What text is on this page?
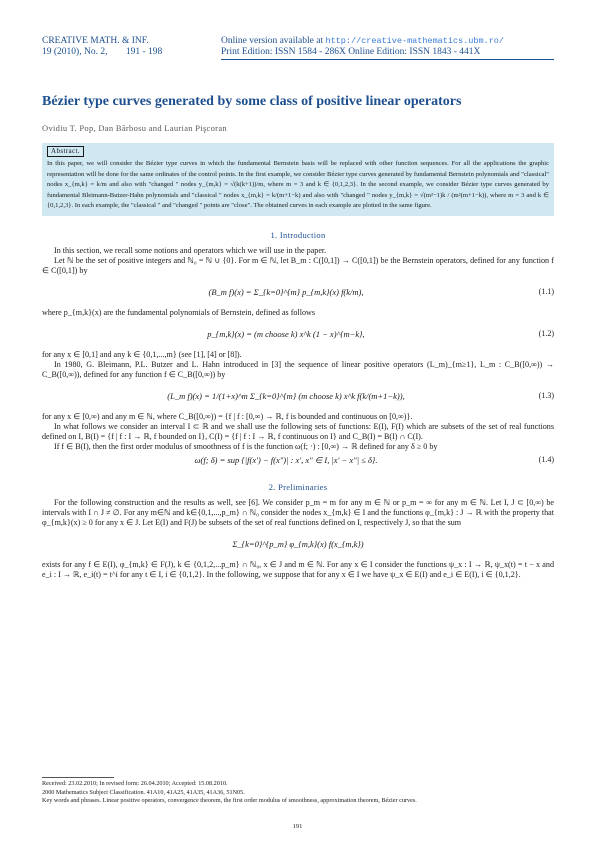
CREATIVE MATH. & INF.
19 (2010), No. 2, 191 - 198
Online version available at http://creative-mathematics.ubm.ro/
Print Edition: ISSN 1584 - 286X Online Edition: ISSN 1843 - 441X
Bézier type curves generated by some class of positive linear operators
Ovidiu T. Pop, Dan Bărbosu and Laurian Pişcoran
Abstract.
In this paper, we will consider the Bézier type curves in which the fundamental Bernstein basis will be replaced with other function sequences. For all the applications the graphic representation will be done for the same ordinates of the control points. In the first example, we consider Bézier type curves generated by fundamental Bernstein polynomials and "classical" nodes x_{m,k} = k/m and also with "changed " nodes y_{m,k} = √(k(k+1))/m, where m = 3 and k ∈ {0,1,2,3}. In the second example, we consider Bézier type curves generated by fundamental Bleimann-Butzer-Hahn polynomials and "classical " nodes x_{m,k} = k/(m+1−k) and also with "changed " nodes y_{m,k} = √(m²−1)k / (m²(m+1−k)), where m = 3 and k ∈ {0,1,2,3}. In each example, the "classical " and "changed " points are "close". The obtained curves in each example are plotted in the same figure.
1. Introduction

In this section, we recall some notions and operators which we will use in the paper.

Let ℕ be the set of positive integers and ℕ₀ = ℕ ∪ {0}. For m ∈ ℕ, let B_m : C([0,1]) → C([0,1]) be the Bernstein operators, defined for any function f ∈ C([0,1]) by

(B_m f)(x) = Σ_{k=0}^{m} p_{m,k}(x) f(k/m),	(1.1)

where p_{m,k}(x) are the fundamental polynomials of Bernstein, defined as follows

p_{m,k}(x) = (m choose k) x^k (1 − x)^{m−k},	(1.2)

for any x ∈ [0,1] and any k ∈ {0,1,...,m} (see [1], [4] or [8]).

In 1980, G. Bleimann, P.L. Butzer and L. Hahn introduced in [3] the sequence of linear positive operators (L_m)_{m≥1}, L_m : C_B([0,∞)) → C_B([0,∞)), defined for any function f ∈ C_B([0,∞)) by

(L_m f)(x) = 1/(1+x)^m Σ_{k=0}^{m} (m choose k) x^k f(k/(m+1−k)),	(1.3)

for any x ∈ [0,∞) and any m ∈ ℕ, where C_B([0,∞)) = {f | f : [0,∞) → ℝ, f is bounded and continuous on [0,∞)}.

In what follows we consider an interval I ⊂ ℝ and we shall use the following sets of functions: E(I), F(I) which are subsets of the set of real functions defined on I, B(I) = {f | f : I → ℝ, f bounded on I}, C(I) = {f | f : I → ℝ, f continuous on I} and C_B(I) = B(I) ∩ C(I).

If f ∈ B(I), then the first order modulus of smoothness of f is the function ω(f; ·) : [0,∞) → ℝ defined for any δ ≥ 0 by

ω(f; δ) = sup {|f(x′) − f(x″)| : x′, x″ ∈ I, |x′ − x″| ≤ δ}.	(1.4)
2. Preliminaries

For the following construction and the results as well, see [6]. We consider p_m = m for any m ∈ ℕ or p_m = ∞ for any m ∈ ℕ. Let I, J ⊂ [0,∞) be intervals with I ∩ J ≠ ∅. For any m∈ℕ and k∈{0,1,...,p_m} ∩ ℕ₀ consider the nodes x_{m,k} ∈ I and the functions φ_{m,k} : J → ℝ with the property that φ_{m,k}(x) ≥ 0 for any x ∈ J. Let E(I) and F(J) be subsets of the set of real functions defined on I, respectively J, so that the sum

Σ_{k=0}^{p_m} φ_{m,k}(x) f(x_{m,k})

exists for any f ∈ E(I), φ_{m,k} ∈ F(J), k ∈ {0,1,2,...p_m} ∩ ℕ₀, x ∈ J and m ∈ ℕ. For any x ∈ I consider the functions ψ_x : I → ℝ, ψ_x(t) = t − x and e_i : I → ℝ, e_i(t) = t^i for any t ∈ I, i ∈ {0,1,2}. In the following, we suppose that for any x ∈ I we have ψ_x ∈ E(I) and e_i ∈ E(I), i ∈ {0,1,2}.

Received: 23.02.2010; In revised form: 26.04.2010; Accepted: 15.08.2010.
2000 Mathematics Subject Classification. 41A10, 41A25, 41A35, 41A36, 51N05.
Key words and phrases. Linear positive operators, convergence theorem, the first order modulus of smoothness, approximation theorem, Bézier curves.
191
